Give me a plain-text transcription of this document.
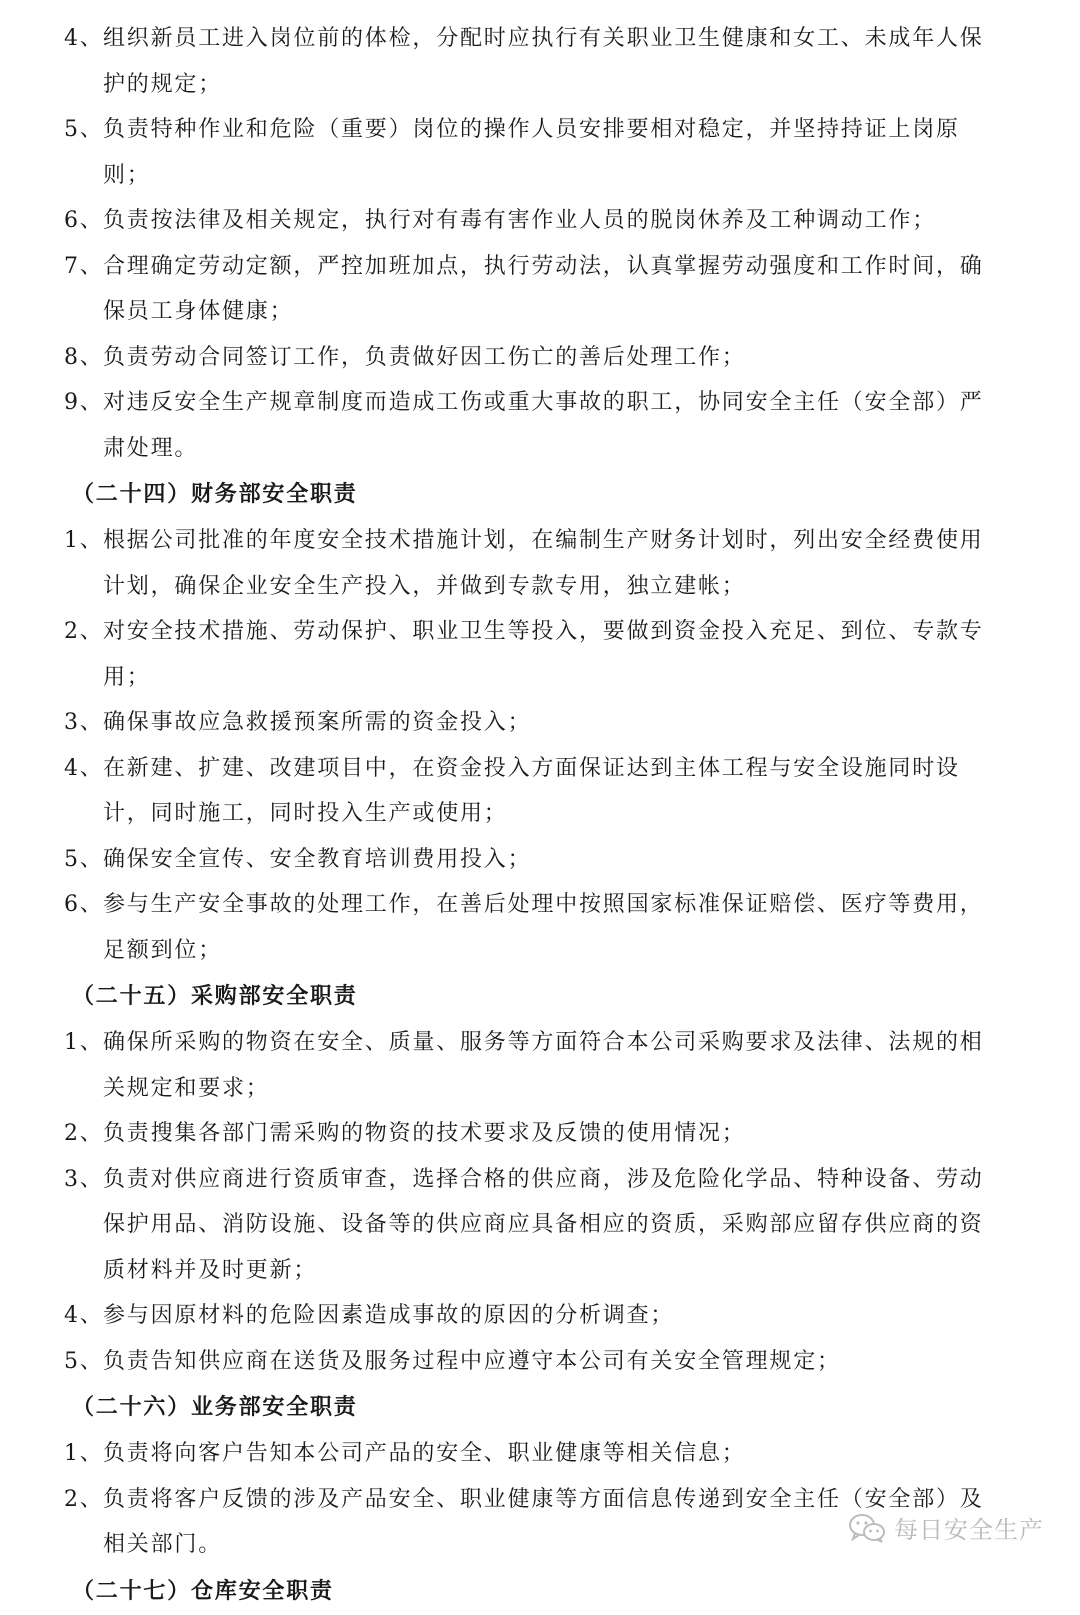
4、 组织新员工进入岗位前的体检，分配时应执行有关职业卫生健康和女工、未成年人保护的规定；
5、 负责特种作业和危险（重要）岗位的操作人员安排要相对稳定，并坚持持证上岗原则；
6、 负责按法律及相关规定，执行对有毒有害作业人员的脱岗休养及工种调动工作；
7、 合理确定劳动定额，严控加班加点，执行劳动法，认真掌握劳动强度和工作时间，确保员工身体健康；
8、 负责劳动合同签订工作，负责做好因工伤亡的善后处理工作；
9、 对违反安全生产规章制度而造成工伤或重大事故的职工，协同安全主任（安全部）严肃处理。
（二十四）财务部安全职责
1、 根据公司批准的年度安全技术措施计划，在编制生产财务计划时，列出安全经费使用计划，确保企业安全生产投入，并做到专款专用，独立建帐；
2、 对安全技术措施、劳动保护、职业卫生等投入，要做到资金投入充足、到位、专款专用；
3、 确保事故应急救援预案所需的资金投入；
4、 在新建、扩建、改建项目中，在资金投入方面保证达到主体工程与安全设施同时设计，同时施工，同时投入生产或使用；
5、 确保安全宣传、安全教育培训费用投入；
6、 参与生产安全事故的处理工作，在善后处理中按照国家标准保证赔偿、医疗等费用，足额到位；
（二十五）采购部安全职责
1、 确保所采购的物资在安全、质量、服务等方面符合本公司采购要求及法律、法规的相关规定和要求；
2、 负责搜集各部门需采购的物资的技术要求及反馈的使用情况；
3、 负责对供应商进行资质审查，选择合格的供应商，涉及危险化学品、特种设备、劳动保护用品、消防设施、设备等的供应商应具备相应的资质，采购部应留存供应商的资质材料并及时更新；
4、 参与因原材料的危险因素造成事故的原因的分析调查；
5、 负责告知供应商在送货及服务过程中应遵守本公司有关安全管理规定；
（二十六）业务部安全职责
1、 负责将向客户告知本公司产品的安全、职业健康等相关信息；
2、 负责将客户反馈的涉及产品安全、职业健康等方面信息传递到安全主任（安全部）及相关部门。
（二十七）仓库安全职责
每日安全生产
